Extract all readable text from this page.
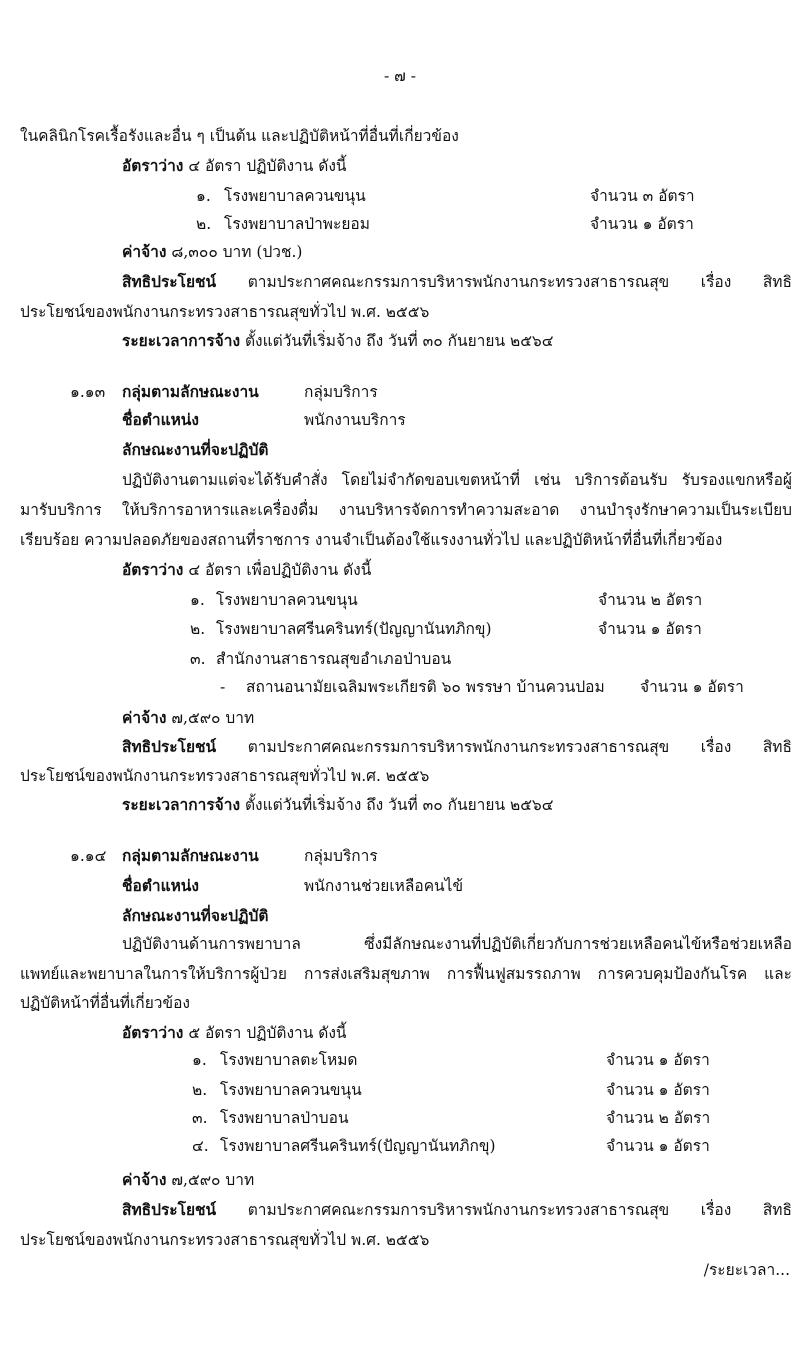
- ๗ -
ในคลินิกโรคเรื้อรังและอื่น ๆ เป็นต้น และปฏิบัติหน้าที่อื่นที่เกี่ยวข้อง
อัตราว่าง ๔ อัตรา ปฏิบัติงาน ดังนี้
๑. โรงพยาบาลควนขนุน	จำนวน ๓ อัตรา
๒. โรงพยาบาลป่าพะยอม	จำนวน ๑ อัตรา
ค่าจ้าง ๘,๓๐๐ บาท (ปวช.)
สิทธิประโยชน์ ตามประกาศคณะกรรมการบริหารพนักงานกระทรวงสาธารณสุข เรื่อง สิทธิ
ประโยชน์ของพนักงานกระทรวงสาธารณสุขทั่วไป พ.ศ. ๒๕๕๖
ระยะเวลาการจ้าง ตั้งแต่วันที่เริ่มจ้าง ถึง วันที่ ๓๐ กันยายน ๒๕๖๔
๑.๑๓ กลุ่มตามลักษณะงาน	กลุ่มบริการ
ชื่อตำแหน่ง	พนักงานบริการ
ลักษณะงานที่จะปฏิบัติ
ปฏิบัติงานตามแต่จะได้รับคำสั่ง โดยไม่จำกัดขอบเขตหน้าที่ เช่น บริการต้อนรับ รับรองแขกหรือผู้
มารับบริการ ให้บริการอาหารและเครื่องดื่ม งานบริหารจัดการทำความสะอาด งานบำรุงรักษาความเป็นระเบียบ
เรียบร้อย ความปลอดภัยของสถานที่ราชการ งานจำเป็นต้องใช้แรงงานทั่วไป และปฏิบัติหน้าที่อื่นที่เกี่ยวข้อง
อัตราว่าง ๔ อัตรา เพื่อปฏิบัติงาน ดังนี้
๑. โรงพยาบาลควนขนุน	จำนวน ๒ อัตรา
๒. โรงพยาบาลศรีนครินทร์(ปัญญานันทภิกขุ)	จำนวน ๑ อัตรา
๓. สำนักงานสาธารณสุขอำเภอป่าบอน
- สถานอนามัยเฉลิมพระเกียรติ ๖๐ พรรษา บ้านควนปอม จำนวน ๑ อัตรา
ค่าจ้าง ๗,๕๙๐ บาท
สิทธิประโยชน์ ตามประกาศคณะกรรมการบริหารพนักงานกระทรวงสาธารณสุข เรื่อง สิทธิ
ประโยชน์ของพนักงานกระทรวงสาธารณสุขทั่วไป พ.ศ. ๒๕๕๖
ระยะเวลาการจ้าง ตั้งแต่วันที่เริ่มจ้าง ถึง วันที่ ๓๐ กันยายน ๒๕๖๔
๑.๑๔ กลุ่มตามลักษณะงาน	กลุ่มบริการ
ชื่อตำแหน่ง	พนักงานช่วยเหลือคนไข้
ลักษณะงานที่จะปฏิบัติ
ปฏิบัติงานด้านการพยาบาล ซึ่งมีลักษณะงานที่ปฏิบัติเกี่ยวกับการช่วยเหลือคนไข้หรือช่วยเหลือ
แพทย์และพยาบาลในการให้บริการผู้ป่วย การส่งเสริมสุขภาพ การฟื้นฟูสมรรถภาพ การควบคุมป้องกันโรค และ
ปฏิบัติหน้าที่อื่นที่เกี่ยวข้อง
อัตราว่าง ๕ อัตรา ปฏิบัติงาน ดังนี้
๑. โรงพยาบาลตะโหมด	จำนวน ๑ อัตรา
๒. โรงพยาบาลควนขนุน	จำนวน ๑ อัตรา
๓. โรงพยาบาลป่าบอน	จำนวน ๒ อัตรา
๔. โรงพยาบาลศรีนครินทร์(ปัญญานันทภิกขุ)	จำนวน ๑ อัตรา
ค่าจ้าง ๗,๕๙๐ บาท
สิทธิประโยชน์ ตามประกาศคณะกรรมการบริหารพนักงานกระทรวงสาธารณสุข เรื่อง สิทธิ
ประโยชน์ของพนักงานกระทรวงสาธารณสุขทั่วไป พ.ศ. ๒๕๕๖
/ระยะเวลา...
